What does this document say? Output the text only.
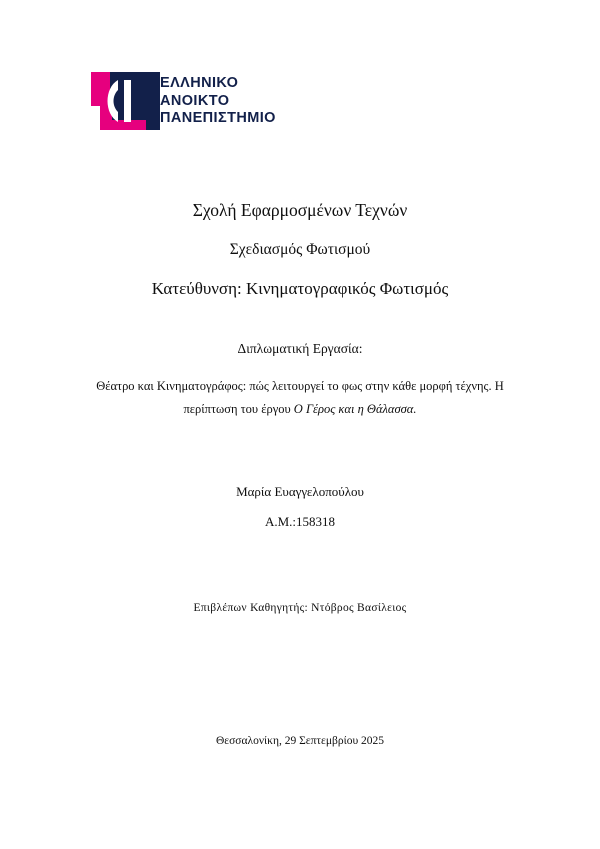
ΕΛΛΗΝΙΚΟ
ΑΝΟΙΚΤΟ
ΠΑΝΕΠΙΣΤΗΜΙΟ
Σχολή Εφαρμοσμένων Τεχνών
Σχεδιασμός Φωτισμού
Κατεύθυνση: Κινηματογραφικός Φωτισμός
Διπλωματική Εργασία:
Θέατρο και Κινηματογράφος: πώς λειτουργεί το φως στην κάθε μορφή τέχνης. Η περίπτωση του έργου Ο Γέρος και η Θάλασσα.
Μαρία Ευαγγελοπούλου
Α.Μ.:158318
Επιβλέπων Καθηγητής: Ντόβρος Βασίλειος
Θεσσαλονίκη, 29 Σεπτεμβρίου 2025
